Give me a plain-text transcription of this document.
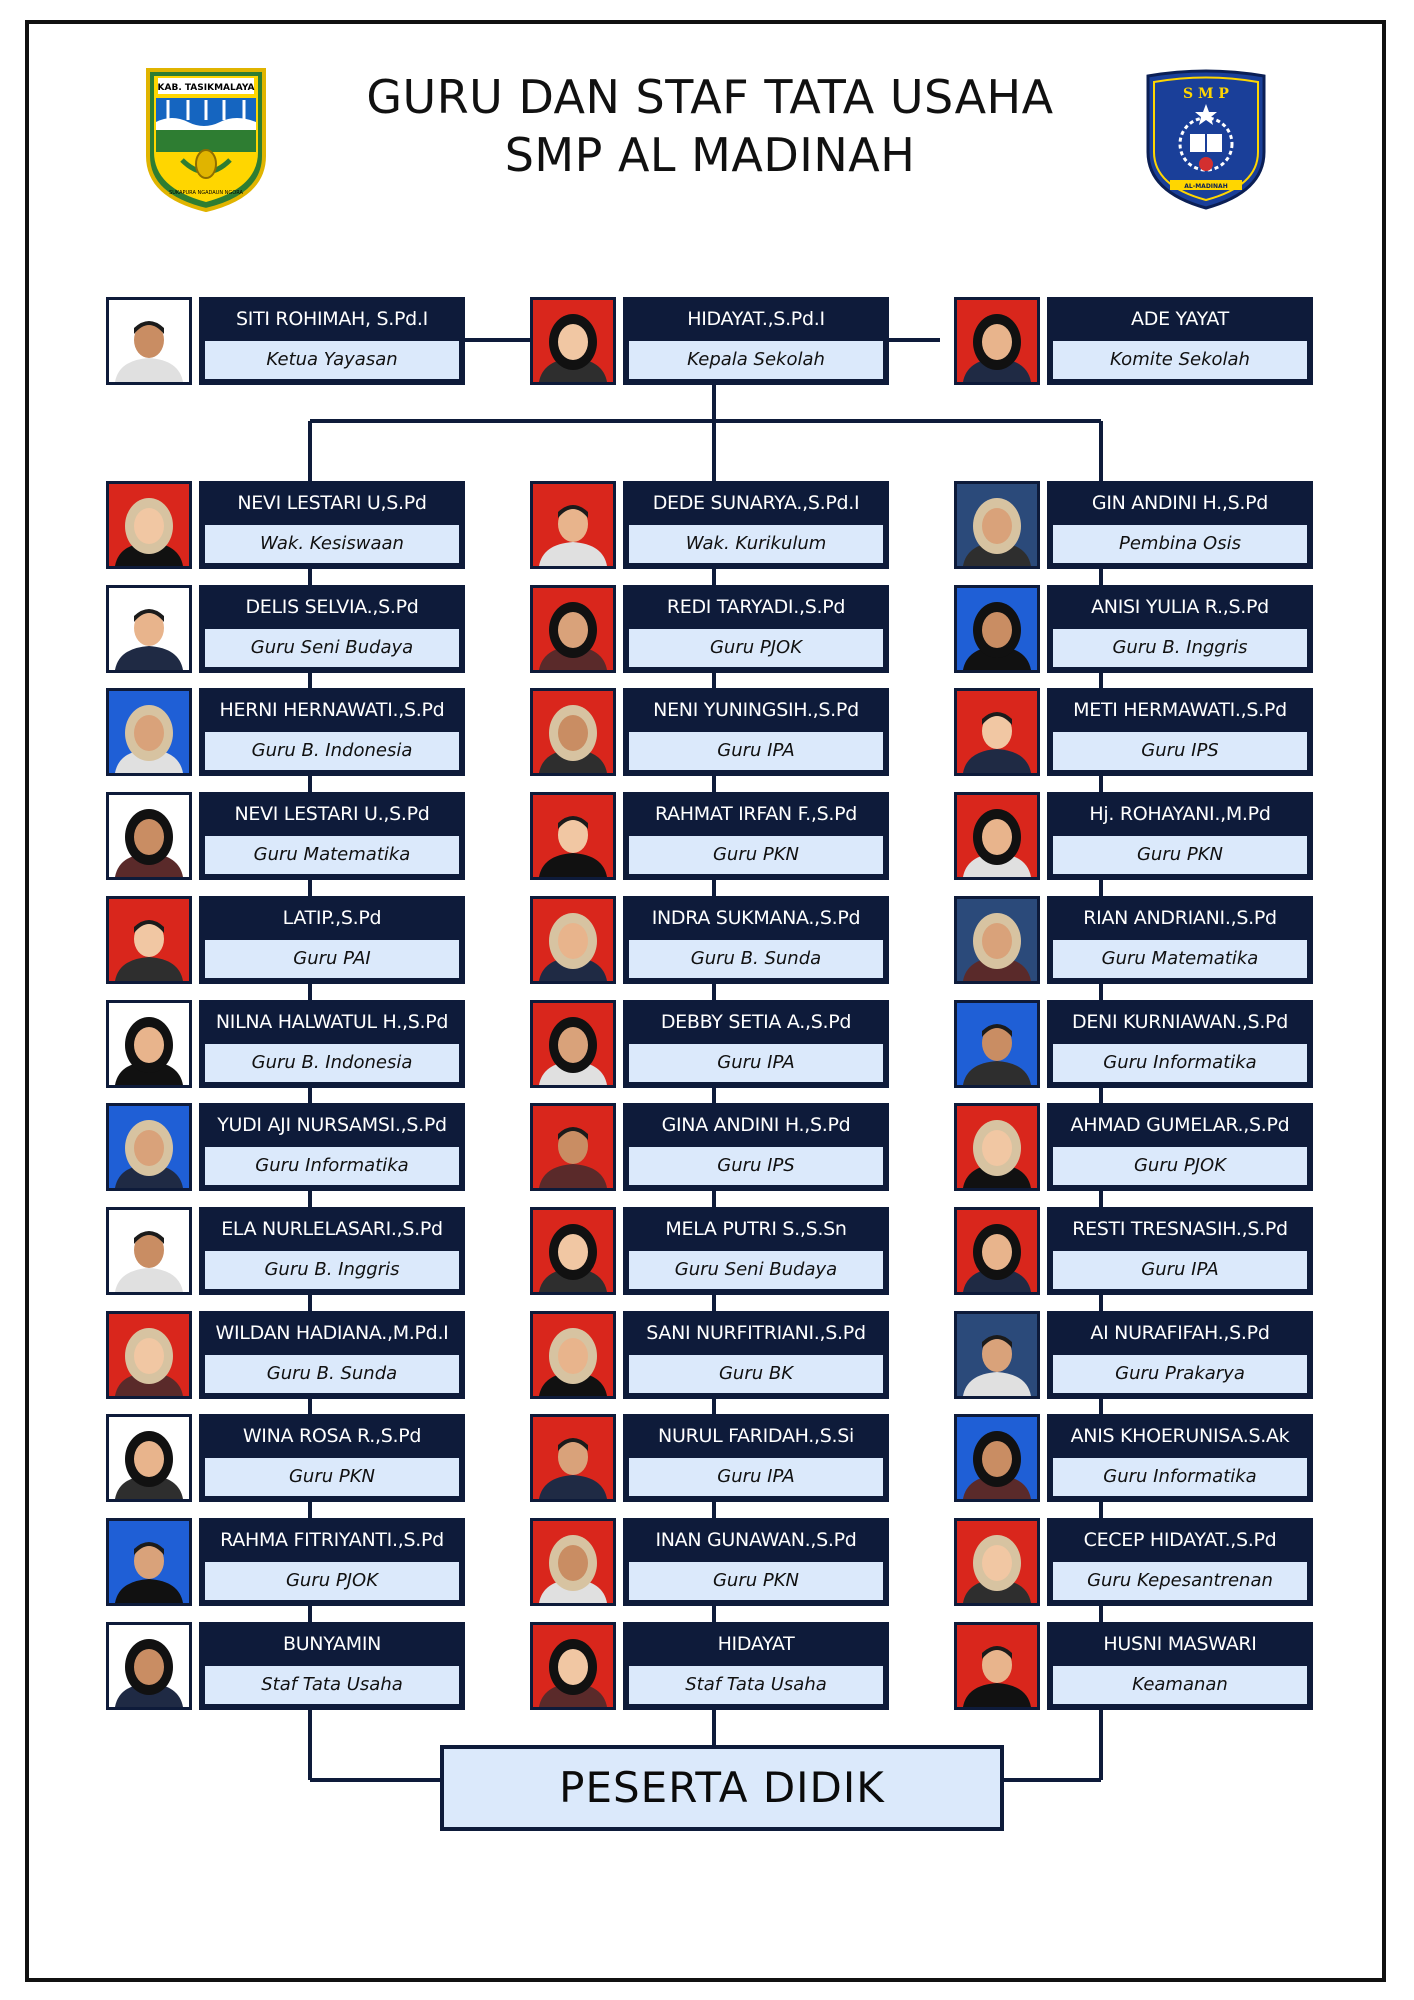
KAB. TASIKMALAYA
SUKAPURA NGADAUN NGORA
S M P
AL-MADINAH
GURU DAN STAF TATA USAHA
SMP AL MADINAH
SITI ROHIMAH, S.Pd.I
Ketua Yayasan
HIDAYAT.,S.Pd.I
Kepala Sekolah
ADE YAYAT
Komite Sekolah
NEVI LESTARI U,S.Pd
Wak. Kesiswaan
DELIS SELVIA.,S.Pd
Guru Seni Budaya
HERNI HERNAWATI.,S.Pd
Guru B. Indonesia
NEVI LESTARI U.,S.Pd
Guru Matematika
LATIP.,S.Pd
Guru PAI
NILNA HALWATUL H.,S.Pd
Guru B. Indonesia
YUDI AJI NURSAMSI.,S.Pd
Guru Informatika
ELA NURLELASARI.,S.Pd
Guru B. Inggris
WILDAN HADIANA.,M.Pd.I
Guru B. Sunda
WINA ROSA R.,S.Pd
Guru PKN
RAHMA FITRIYANTI.,S.Pd
Guru PJOK
BUNYAMIN
Staf Tata Usaha
DEDE SUNARYA.,S.Pd.I
Wak. Kurikulum
REDI TARYADI.,S.Pd
Guru PJOK
NENI YUNINGSIH.,S.Pd
Guru IPA
RAHMAT IRFAN F.,S.Pd
Guru PKN
INDRA SUKMANA.,S.Pd
Guru B. Sunda
DEBBY SETIA A.,S.Pd
Guru IPA
GINA ANDINI H.,S.Pd
Guru IPS
MELA PUTRI S.,S.Sn
Guru Seni Budaya
SANI NURFITRIANI.,S.Pd
Guru BK
NURUL FARIDAH.,S.Si
Guru IPA
INAN GUNAWAN.,S.Pd
Guru PKN
HIDAYAT
Staf Tata Usaha
GIN ANDINI H.,S.Pd
Pembina Osis
ANISI YULIA R.,S.Pd
Guru B. Inggris
METI HERMAWATI.,S.Pd
Guru IPS
Hj. ROHAYANI.,M.Pd
Guru PKN
RIAN ANDRIANI.,S.Pd
Guru Matematika
DENI KURNIAWAN.,S.Pd
Guru Informatika
AHMAD GUMELAR.,S.Pd
Guru PJOK
RESTI TRESNASIH.,S.Pd
Guru IPA
AI NURAFIFAH.,S.Pd
Guru Prakarya
ANIS KHOERUNISA.S.Ak
Guru Informatika
CECEP HIDAYAT.,S.Pd
Guru Kepesantrenan
HUSNI MASWARI
Keamanan
PESERTA DIDIK
